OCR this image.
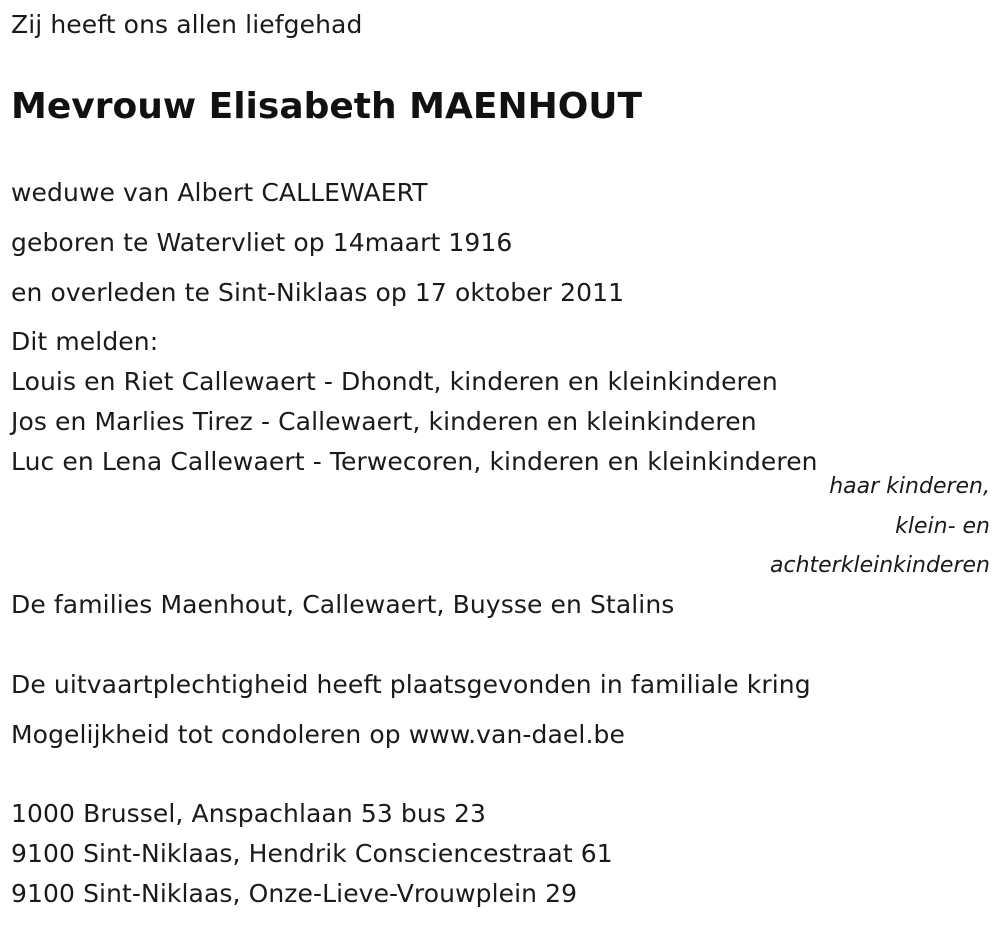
Zij heeft ons allen liefgehad
Mevrouw Elisabeth MAENHOUT
weduwe van Albert CALLEWAERT
geboren te Watervliet op 14maart 1916
en overleden te Sint-Niklaas op 17 oktober 2011
Dit melden:
Louis en Riet Callewaert - Dhondt, kinderen en kleinkinderen
Jos en Marlies Tirez - Callewaert, kinderen en kleinkinderen
Luc en Lena Callewaert - Terwecoren, kinderen en kleinkinderen
haar kinderen,
klein- en
achterkleinkinderen
De families Maenhout, Callewaert, Buysse en Stalins
De uitvaartplechtigheid heeft plaatsgevonden in familiale kring
Mogelijkheid tot condoleren op www.van-dael.be
1000 Brussel, Anspachlaan 53 bus 23
9100 Sint-Niklaas, Hendrik Consciencestraat 61
9100 Sint-Niklaas, Onze-Lieve-Vrouwplein 29
